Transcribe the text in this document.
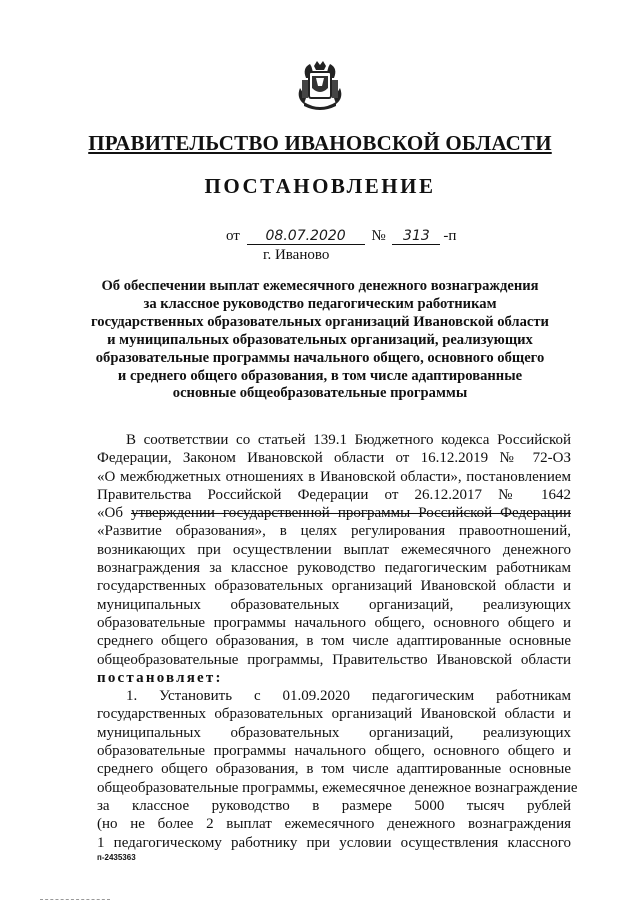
ПРАВИТЕЛЬСТВО ИВАНОВСКОЙ ОБЛАСТИ
ПОСТАНОВЛЕНИЕ
от 08.07.2020 № 313 -п
г. Иваново
Об обеспечении выплат ежемесячного денежного вознаграждения
за классное руководство педагогическим работникам
государственных образовательных организаций Ивановской области
и муниципальных образовательных организаций, реализующих
образовательные программы начального общего, основного общего
и среднего общего образования, в том числе адаптированные
основные общеобразовательные программы
В соответствии со статьей 139.1 Бюджетного кодекса Российской
Федерации, Законом Ивановской области от 16.12.2019 № 72-ОЗ
«О межбюджетных отношениях в Ивановской области», постановлением
Правительства Российской Федерации от 26.12.2017 № 1642
«Об утверждении государственной программы Российской Федерации
«Развитие образования», в целях регулирования правоотношений,
возникающих при осуществлении выплат ежемесячного денежного
вознаграждения за классное руководство педагогическим работникам
государственных образовательных организаций Ивановской области и
муниципальных образовательных организаций, реализующих
образовательные программы начального общего, основного общего и
среднего общего образования, в том числе адаптированные основные
общеобразовательные программы, Правительство Ивановской области
постановляет:
1. Установить с 01.09.2020 педагогическим работникам
государственных образовательных организаций Ивановской области и
муниципальных образовательных организаций, реализующих
образовательные программы начального общего, основного общего и
среднего общего образования, в том числе адаптированные основные
общеобразовательные программы, ежемесячное денежное вознаграждение
за классное руководство в размере 5000 тысяч рублей
(но не более 2 выплат ежемесячного денежного вознаграждения
1 педагогическому работнику при условии осуществления классного
п-2435363
